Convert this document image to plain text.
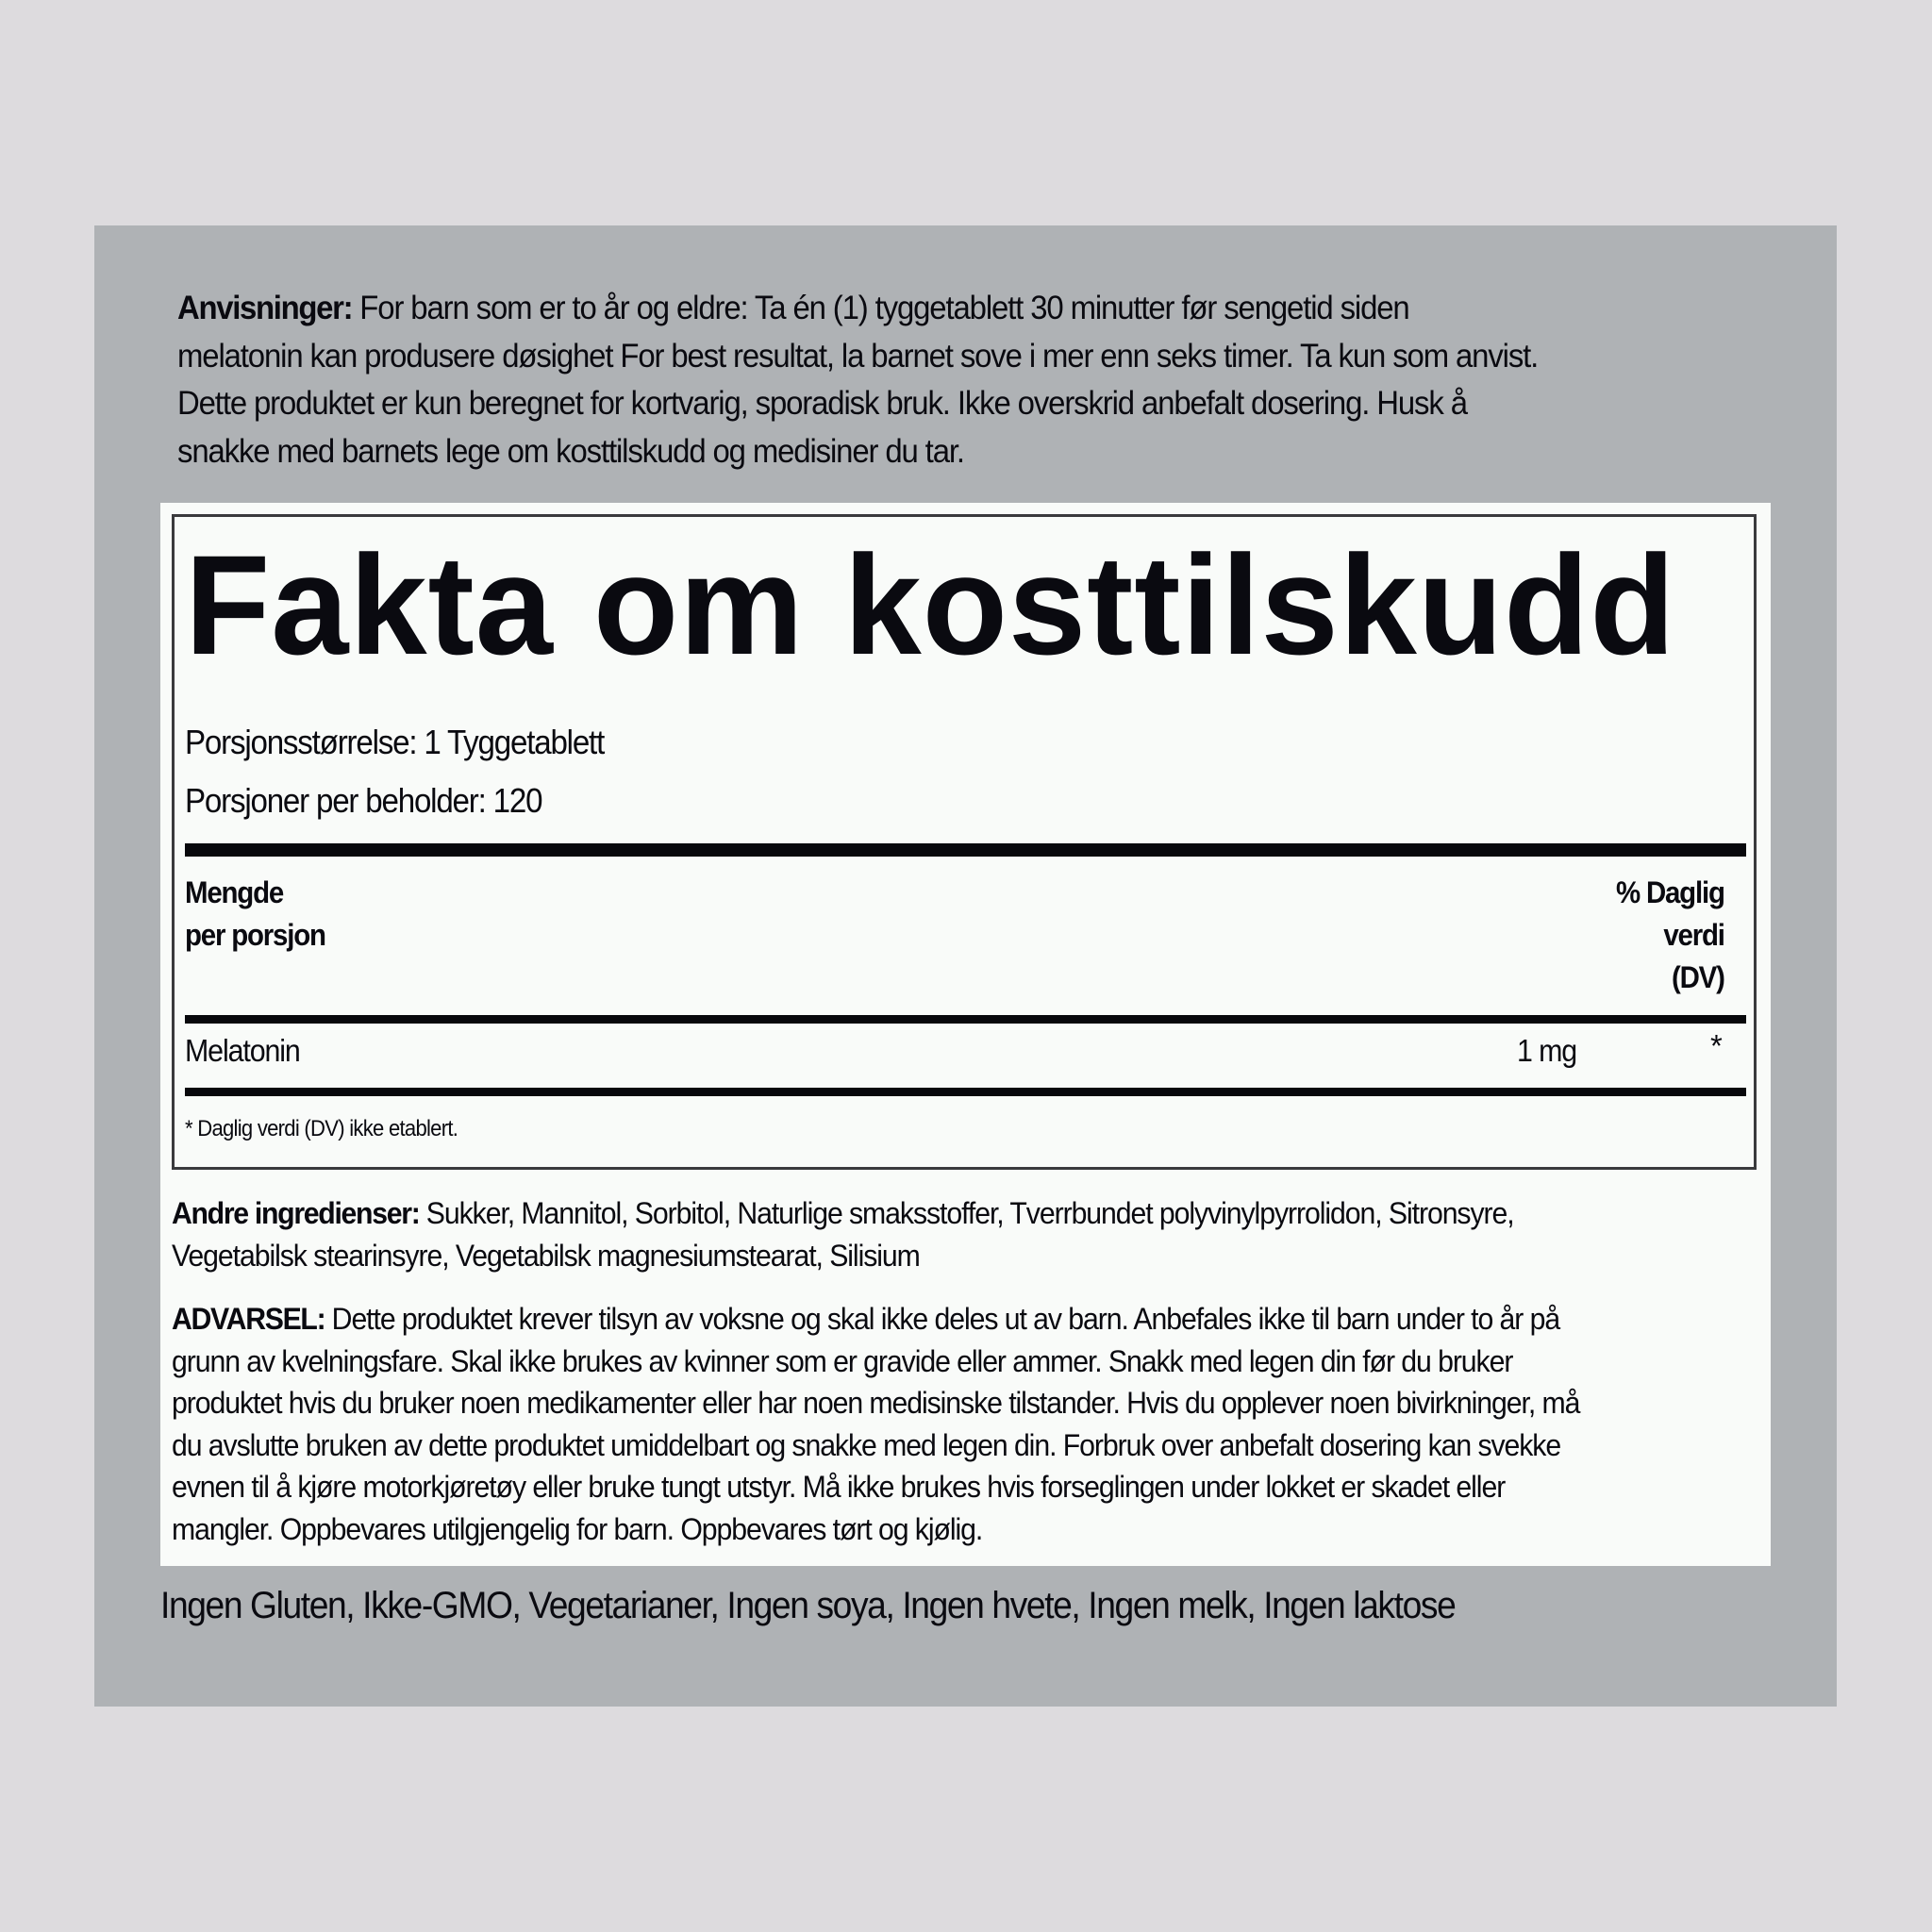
Anvisninger: For barn som er to år og eldre: Ta én (1) tyggetablett 30 minutter før sengetid siden
melatonin kan produsere døsighet For best resultat, la barnet sove i mer enn seks timer. Ta kun som anvist.
Dette produktet er kun beregnet for kortvarig, sporadisk bruk. Ikke overskrid anbefalt dosering. Husk å
snakke med barnets lege om kosttilskudd og medisiner du tar.
Fakta om kosttilskudd
Porsjonsstørrelse: 1 Tyggetablett
Porsjoner per beholder: 120
Mengde
per porsjon
% Daglig
verdi
(DV)
Melatonin	1 mg	*
* Daglig verdi (DV) ikke etablert.
Andre ingredienser: Sukker, Mannitol, Sorbitol, Naturlige smaksstoffer, Tverrbundet polyvinylpyrrolidon, Sitronsyre,
Vegetabilsk stearinsyre, Vegetabilsk magnesiumstearat, Silisium
ADVARSEL: Dette produktet krever tilsyn av voksne og skal ikke deles ut av barn. Anbefales ikke til barn under to år på
grunn av kvelningsfare. Skal ikke brukes av kvinner som er gravide eller ammer. Snakk med legen din før du bruker
produktet hvis du bruker noen medikamenter eller har noen medisinske tilstander. Hvis du opplever noen bivirkninger, må
du avslutte bruken av dette produktet umiddelbart og snakke med legen din. Forbruk over anbefalt dosering kan svekke
evnen til å kjøre motorkjøretøy eller bruke tungt utstyr. Må ikke brukes hvis forseglingen under lokket er skadet eller
mangler. Oppbevares utilgjengelig for barn. Oppbevares tørt og kjølig.
Ingen Gluten, Ikke-GMO, Vegetarianer, Ingen soya, Ingen hvete, Ingen melk, Ingen laktose
